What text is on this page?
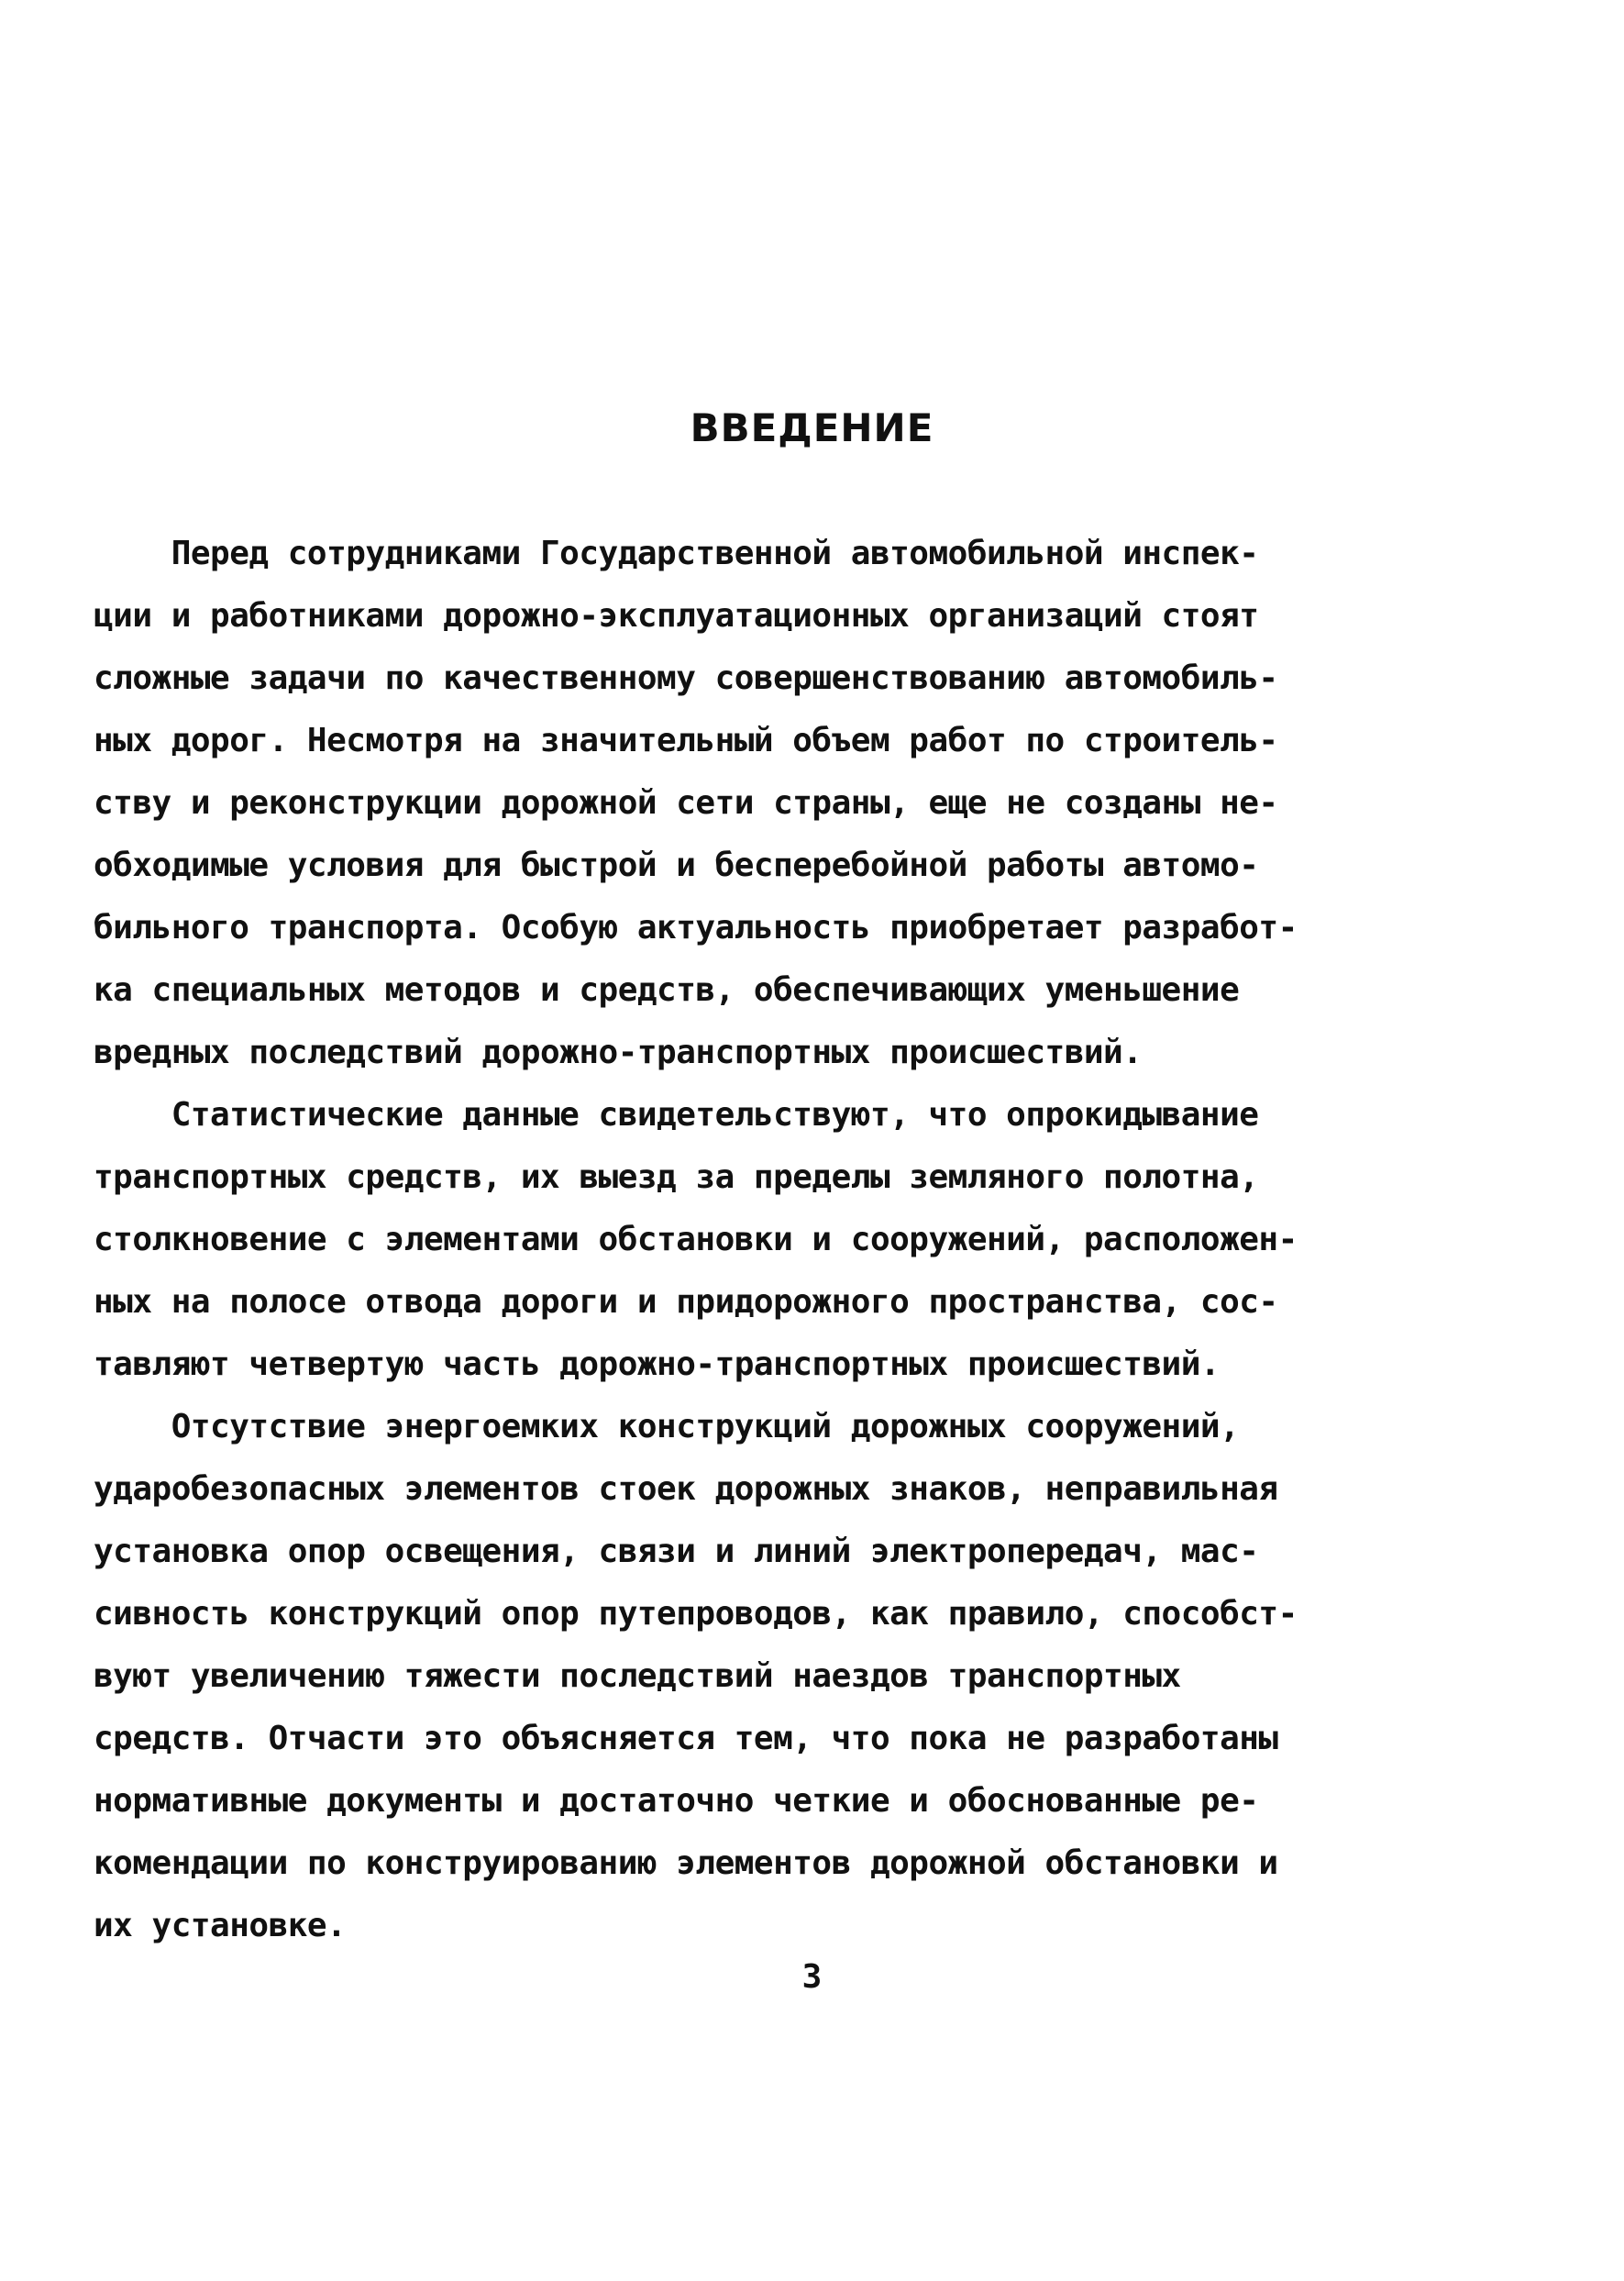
ВВЕДЕНИЕ
Перед сотрудниками Государственной автомобильной инспек-
ции и работниками дорожно-эксплуатационных организаций стоят
сложные задачи по качественному совершенствованию автомобиль-
ных дорог. Несмотря на значительный объем работ по строитель-
ству и реконструкции дорожной сети страны, еще не созданы не-
обходимые условия для быстрой и бесперебойной работы автомо-
бильного транспорта. Особую актуальность приобретает разработ-
ка специальных методов и средств, обеспечивающих уменьшение
вредных последствий дорожно-транспортных происшествий.
Статистические данные свидетельствуют, что опрокидывание
транспортных средств, их выезд за пределы земляного полотна,
столкновение с элементами обстановки и сооружений, расположен-
ных на полосе отвода дороги и придорожного пространства, сос-
тавляют четвертую часть дорожно-транспортных происшествий.
Отсутствие энергоемких конструкций дорожных сооружений,
ударобезопасных элементов стоек дорожных знаков, неправильная
установка опор освещения, связи и линий электропередач, мас-
сивность конструкций опор путепроводов, как правило, способст-
вуют увеличению тяжести последствий наездов транспортных
средств. Отчасти это объясняется тем, что пока не разработаны
нормативные документы и достаточно четкие и обоснованные ре-
комендации по конструированию элементов дорожной обстановки и
их установке.
3
